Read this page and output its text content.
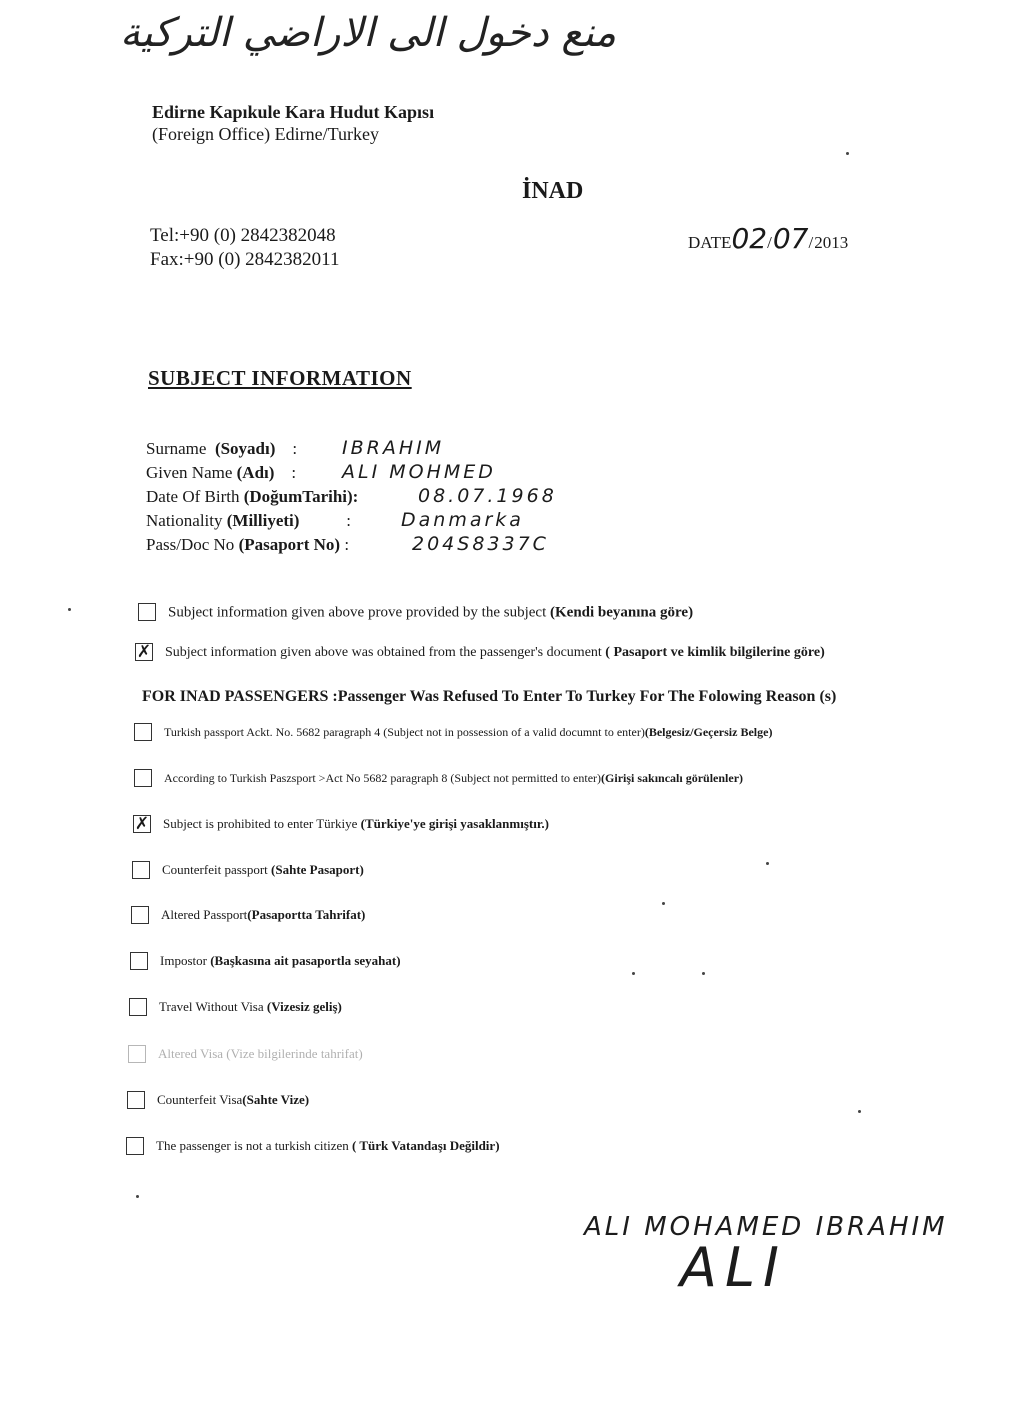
منع دخول الى الاراضي التركية
Edirne Kapıkule Kara Hudut Kapısı
(Foreign Office) Edirne/Turkey
İNAD
Tel:+90 (0) 2842382048
Fax:+90 (0) 2842382011
DATE02/07/2013
SUBJECT INFORMATION
Surname (Soyadı) : IBRAHIM
Given Name (Adı) : ALI MOHMED
Date Of Birth (DoğumTarihi):	08.07.1968
Nationality (Milliyeti)	:	Danmarka
Pass/Doc No (Pasaport No) :	204S8337C
Subject information given above prove provided by the subject (Kendi beyanına göre)
✗ Subject information given above was obtained from the passenger's document ( Pasaport ve kimlik bilgilerine göre)
FOR INAD PASSENGERS :Passenger Was Refused To Enter To Turkey For The Folowing Reason (s)
Turkish passport Ackt. No. 5682 paragraph 4 (Subject not in possession of a valid documnt to enter)(Belgesiz/Geçersiz Belge)
According to Turkish Paszsport >Act No 5682 paragraph 8 (Subject not permitted to enter)(Girişi sakıncalı görülenler)
✗ Subject is prohibited to enter Türkiye (Türkiye'ye girişi yasaklanmıştır.)
Counterfeit passport (Sahte Pasaport)
Altered Passport(Pasaportta Tahrifat)
Impostor (Başkasına ait pasaportla seyahat)
Travel Without Visa (Vizesiz geliş)
Altered Visa (Vize bilgilerinde tahrifat)
Counterfeit Visa(Sahte Vize)
The passenger is not a turkish citizen ( Türk Vatandaşı Değildir)
ALI MOHAMED IBRAHIM
ALI
